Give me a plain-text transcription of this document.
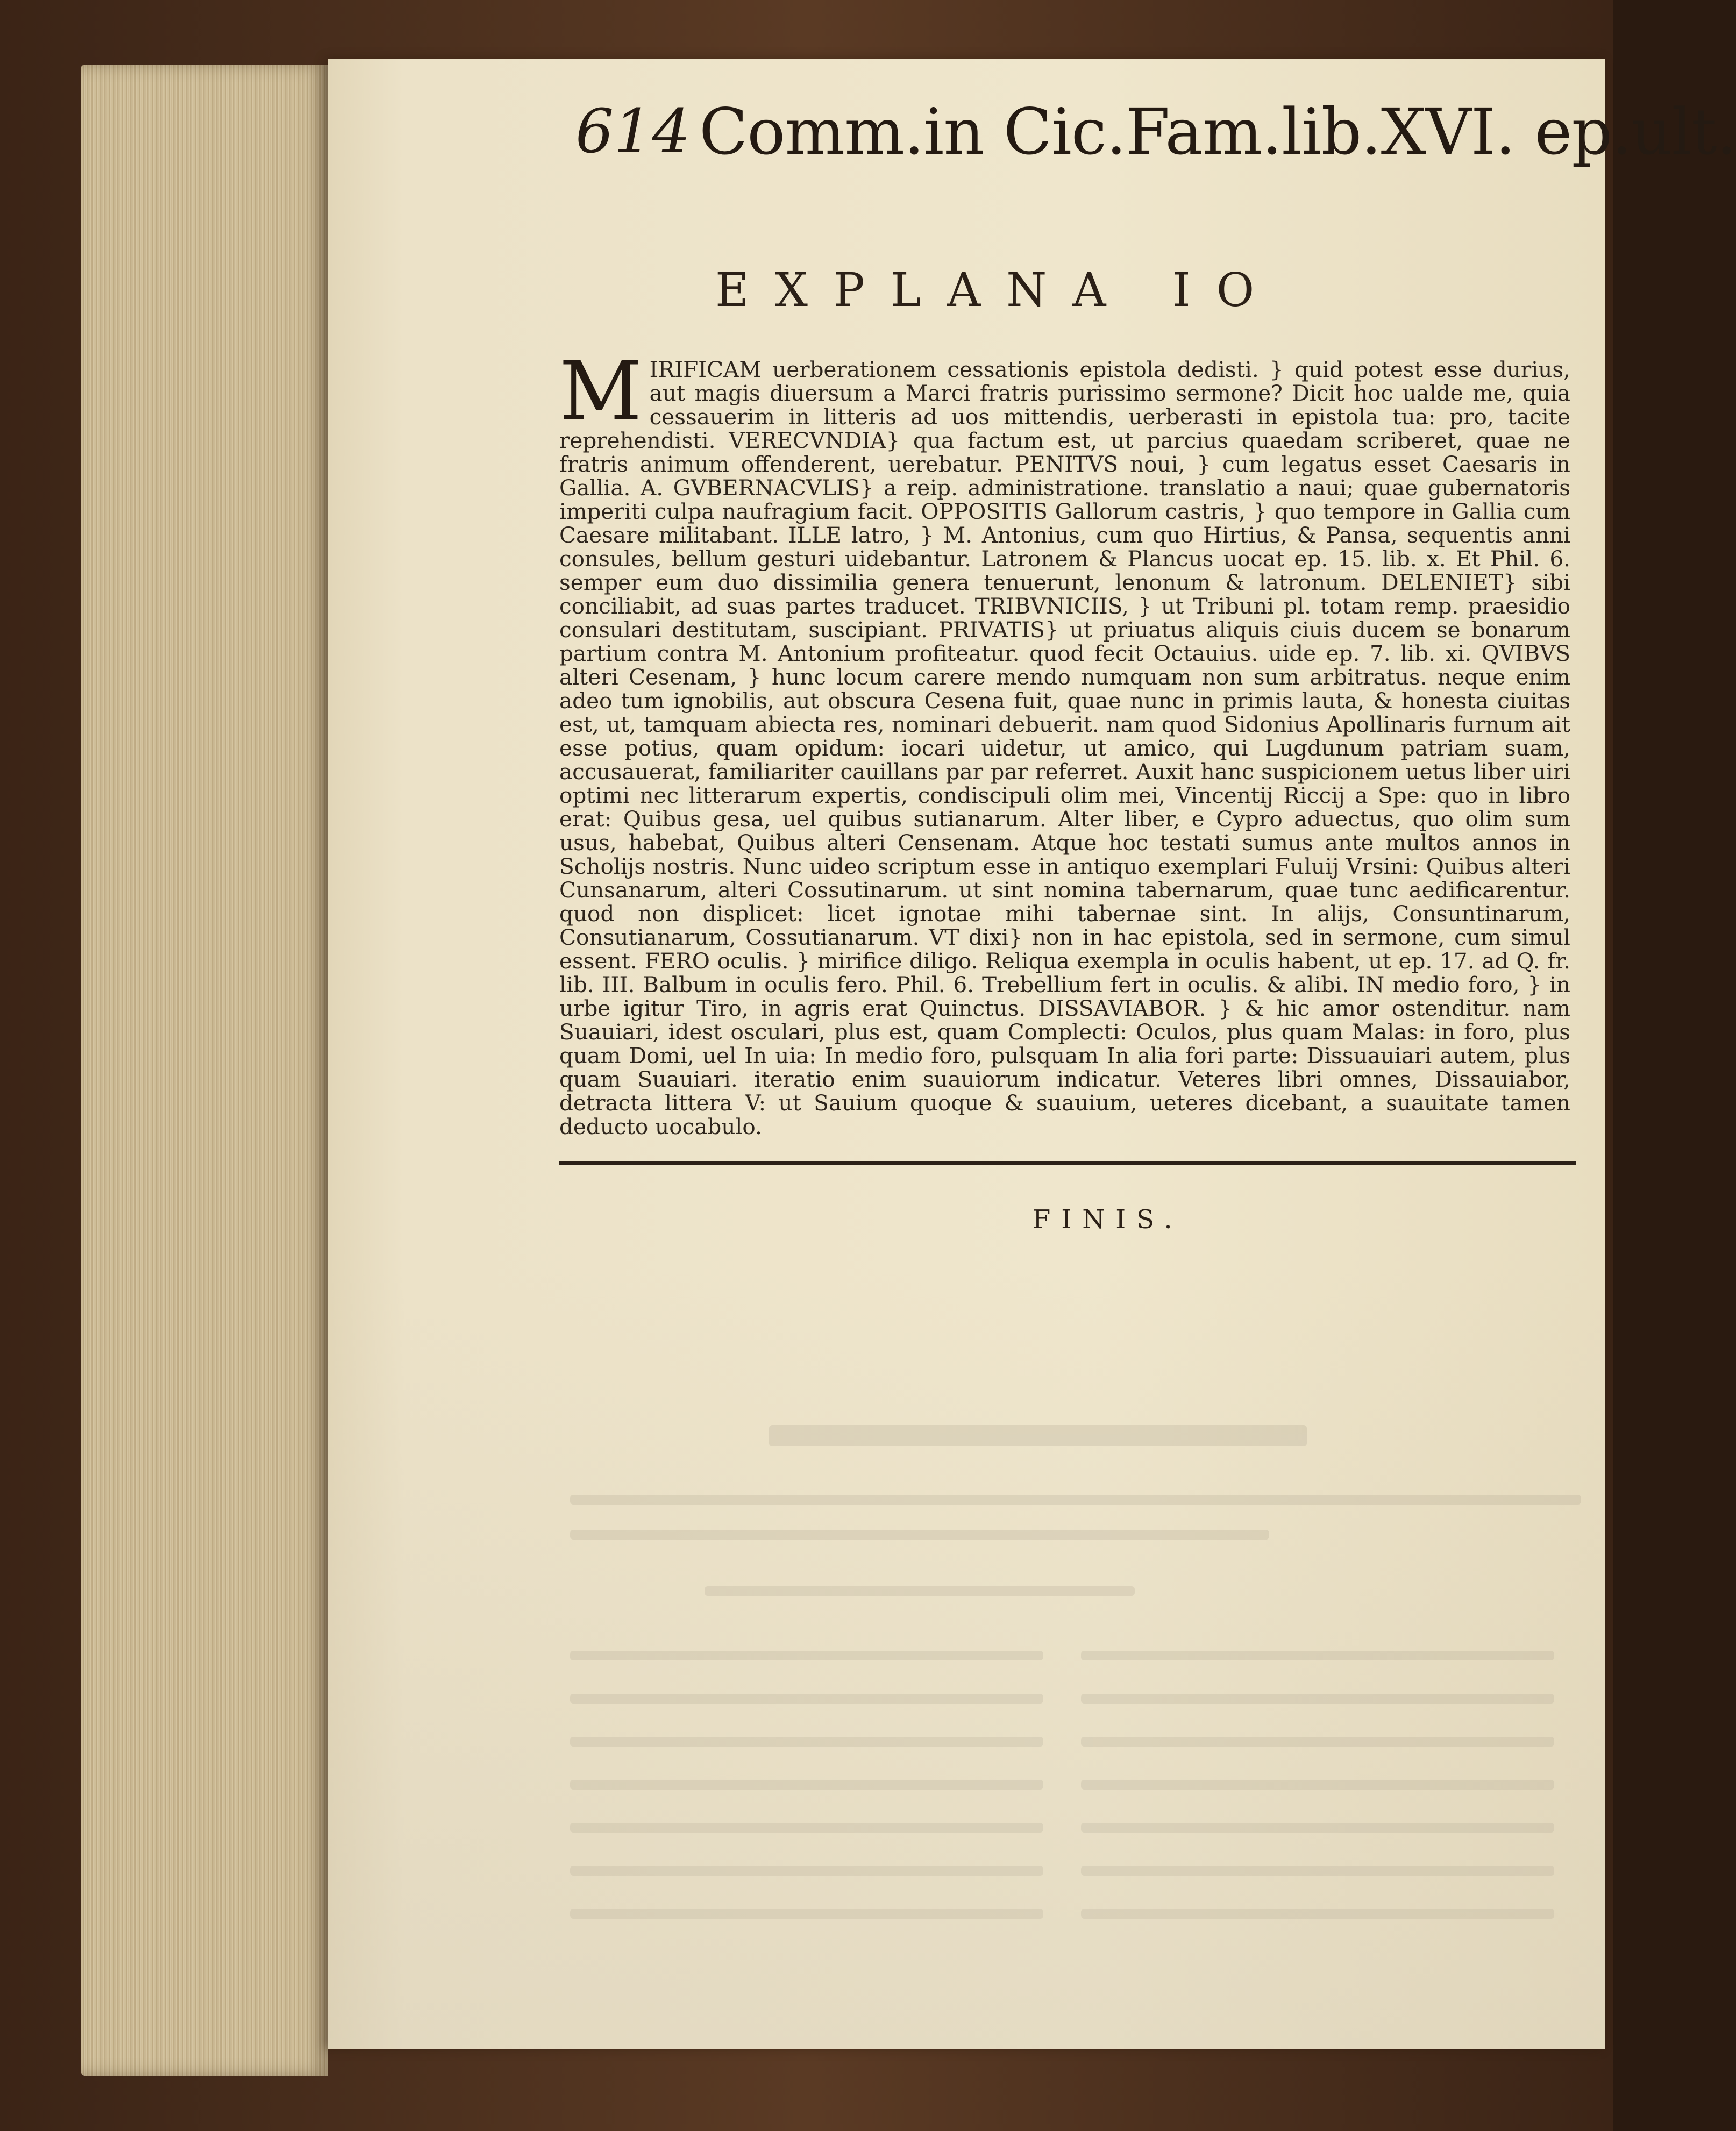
614 Comm.in Cic.Fam.lib.XVI. ep.ult.
EXPLANA IO
M IRIFICAM uerberationem cessationis epistola dedisti. } quid potest esse durius, aut magis diuersum a Marci fratris purissimo sermone? Dicit hoc ualde me, quia cessauerim in litteris ad uos mittendis, uerberasti in epistola tua: pro, tacite reprehendisti. VERECVNDIA} qua factum est, ut parcius quaedam scriberet, quae ne fratris animum offenderent, uerebatur. PENITVS noui, } cum legatus esset Caesaris in Gallia. A. GVBERNACVLIS} a reip. administratione. translatio a naui; quae gubernatoris imperiti culpa naufragium facit. OPPOSITIS Gallorum castris, } quo tempore in Gallia cum Caesare militabant. ILLE latro, } M. Antonius, cum quo Hirtius, & Pansa, sequentis anni consules, bellum gesturi uidebantur. Latronem & Plancus uocat ep. 15. lib. x. Et Phil. 6. semper eum duo dissimilia genera tenuerunt, lenonum & latronum. DELENIET} sibi conciliabit, ad suas partes traducet. TRIBVNICIIS, } ut Tribuni pl. totam remp. praesidio consulari destitutam, suscipiant. PRIVATIS} ut priuatus aliquis ciuis ducem se bonarum partium contra M. Antonium profiteatur. quod fecit Octauius. uide ep. 7. lib. xi. QVIBVS alteri Cesenam, } hunc locum carere mendo numquam non sum arbitratus. neque enim adeo tum ignobilis, aut obscura Cesena fuit, quae nunc in primis lauta, & honesta ciuitas est, ut, tamquam abiecta res, nominari debuerit. nam quod Sidonius Apollinaris furnum ait esse potius, quam opidum: iocari uidetur, ut amico, qui Lugdunum patriam suam, accusauerat, familiariter cauillans par par referret. Auxit hanc suspicionem uetus liber uiri optimi nec litterarum expertis, condiscipuli olim mei, Vincentij Riccij a Spe: quo in libro erat: Quibus gesa, uel quibus sutianarum. Alter liber, e Cypro aduectus, quo olim sum usus, habebat, Quibus alteri Censenam. Atque hoc testati sumus ante multos annos in Scholijs nostris. Nunc uideo scriptum esse in antiquo exemplari Fuluij Vrsini: Quibus alteri Cunsanarum, alteri Cossutinarum. ut sint nomina tabernarum, quae tunc aedificarentur. quod non displicet: licet ignotae mihi tabernae sint. In alijs, Consuntinarum, Consutianarum, Cossutianarum. VT dixi} non in hac epistola, sed in sermone, cum simul essent. FERO oculis. } mirifice diligo. Reliqua exempla in oculis habent, ut ep. 17. ad Q. fr. lib. III. Balbum in oculis fero. Phil. 6. Trebellium fert in oculis. & alibi. IN medio foro, } in urbe igitur Tiro, in agris erat Quinctus. DISSAVIABOR. } & hic amor ostenditur. nam Suauiari, idest osculari, plus est, quam Complecti: Oculos, plus quam Malas: in foro, plus quam Domi, uel In uia: In medio foro, pulsquam In alia fori parte: Dissuauiari autem, plus quam Suauiari. iteratio enim suauiorum indicatur. Veteres libri omnes, Dissauiabor, detracta littera V: ut Sauium quoque & suauium, ueteres dicebant, a suauitate tamen deducto uocabulo.
FINIS.
